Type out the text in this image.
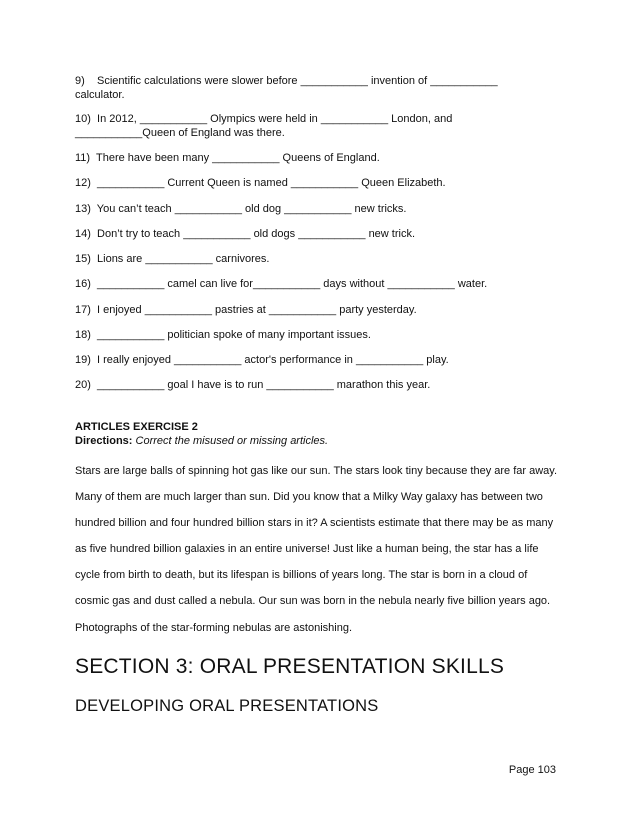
9)    Scientific calculations were slower before ___________ invention of ___________
calculator.
10)  In 2012, ___________ Olympics were held in ___________ London, and
___________Queen of England was there.
11)  There have been many ___________ Queens of England.
12)  ___________ Current Queen is named ___________ Queen Elizabeth.
13)  You can’t teach ___________ old dog ___________ new tricks.
14)  Don’t try to teach ___________ old dogs ___________ new trick.
15)  Lions are ___________ carnivores.
16)  ___________ camel can live for___________ days without ___________ water.
17)  I enjoyed ___________ pastries at ___________ party yesterday.
18)  ___________ politician spoke of many important issues.
19)  I really enjoyed ___________ actor's performance in ___________ play.
20)  ___________ goal I have is to run ___________ marathon this year.
ARTICLES EXERCISE 2
Directions: Correct the misused or missing articles.

Stars are large balls of spinning hot gas like our sun. The stars look tiny because they are far away. Many of them are much larger than sun. Did you know that a Milky Way galaxy has between two hundred billion and four hundred billion stars in it? A scientists estimate that there may be as many as five hundred billion galaxies in an entire universe! Just like a human being, the star has a life cycle from birth to death, but its lifespan is billions of years long. The star is born in a cloud of cosmic gas and dust called a nebula. Our sun was born in the nebula nearly five billion years ago. Photographs of the star-forming nebulas are astonishing.

SECTION 3: ORAL PRESENTATION SKILLS
DEVELOPING ORAL PRESENTATIONS
Page 103
